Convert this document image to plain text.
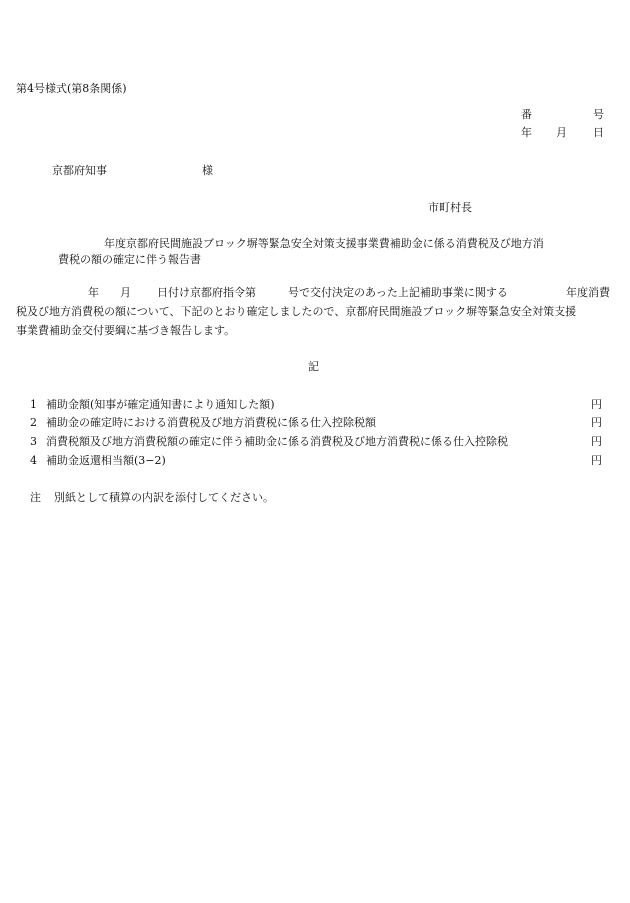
第4号様式(第8条関係)
番	号
年 月 日
京都府知事	様
市町村長
年度京都府民間施設ブロック塀等緊急安全対策支援事業費補助金に係る消費税及び地方消
費税の額の確定に伴う報告書
年 月 日付け京都府指令第	号で交付決定のあった上記補助事業に関する	年度消費
税及び地方消費税の額について、下記のとおり確定しましたので、京都府民間施設ブロック塀等緊急安全対策支援
事業費補助金交付要綱に基づき報告します。
記
1 補助金額(知事が確定通知書により通知した額)	円
2 補助金の確定時における消費税及び地方消費税に係る仕入控除税額	円
3 消費税額及び地方消費税額の確定に伴う補助金に係る消費税及び地方消費税に係る仕入控除税	円
4 補助金返還相当額(3−2)	円
注 別紙として積算の内訳を添付してください。
